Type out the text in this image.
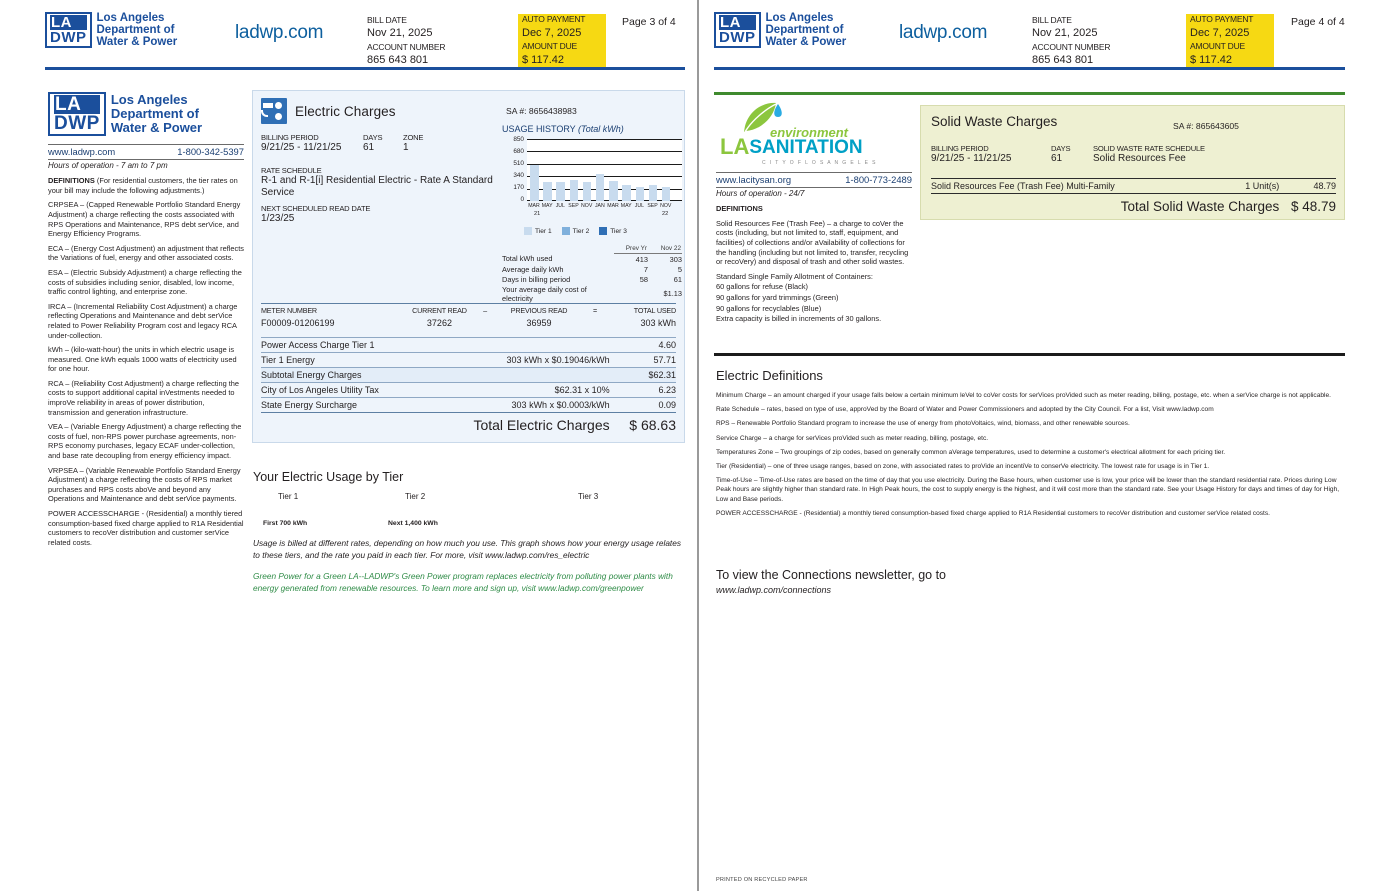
LA
DWP
Los Angeles
Department of
Water & Power	ladwp.com
BILL DATE
Nov 21, 2025
ACCOUNT NUMBER
865 643 801
AUTO PAYMENT
Dec 7, 2025
AMOUNT DUE
$ 117.42
Page 3 of 4
LA
DWP
Los Angeles
Department of
Water & Power
www.ladwp.com	1-800-342-5397
Hours of operation - 7 am to 7 pm

DEFINITIONS (For residential customers, the tier rates on your bill may include the following adjustments.)

CRPSEA – (Capped Renewable Portfolio Standard Energy Adjustment) a charge reflecting the costs associated with RPS Operations and Maintenance, RPS debt serVice, and Energy Efficiency Programs.

ECA – (Energy Cost Adjustment) an adjustment that reflects the Variations of fuel, energy and other associated costs.

ESA – (Electric Subsidy Adjustment) a charge reflecting the costs of subsidies including senior, disabled, low income, traffic control lighting, and enterprise zone.

IRCA – (Incremental Reliability Cost Adjustment) a charge reflecting Operations and Maintenance and debt serVice related to Power Reliability Program cost and legacy RCA under-collection.

kWh – (kilo-watt-hour) the units in which electric usage is measured. One kWh equals 1000 watts of electricity used for one hour.

RCA – (Reliability Cost Adjustment) a charge reflecting the costs to support additional capital inVestments needed to improVe reliability in areas of power distribution, transmission and generation infrastructure.

VEA – (Variable Energy Adjustment) a charge reflecting the costs of fuel, non-RPS power purchase agreements, non-RPS economy purchases, legacy ECAF under-collection, and base rate decoupling from energy efficiency impact.

VRPSEA – (Variable Renewable Portfolio Standard Energy Adjustment) a charge reflecting the costs of RPS market purchases and RPS costs aboVe and beyond any Operations and Maintenance and debt serVice payments.

POWER ACCESSCHARGE - (Residential) a monthly tiered consumption-based fixed charge applied to R1A Residential customers to recoVer distribution and customer serVice related costs.

Electric Charges	SA #: 8656438983
BILLING PERIOD
9/21/25 - 11/21/25
DAYS
61
ZONE
1
RATE SCHEDULE
R-1 and R-1[i] Residential Electric - Rate A Standard Service
NEXT SCHEDULED READ DATE
1/23/25
USAGE HISTORY (Total kWh)
850
680
510
340
170
0
MAR MAY JUL SEP NOV JAN MAR MAY JUL SEP NOV
21	22
Tier 1	Tier 2	Tier 3
	Prev Yr	Nov 22
Total kWh used	413	303
Average daily kWh	7	5
Days in billing period	58	61
Your average daily cost of electricity		$1.13
METER NUMBER	CURRENT READ	–	PREVIOUS READ	=	TOTAL USED
F00009-01206199	37262		36959		303 kWh
Power Access Charge Tier 1		4.60
Tier 1 Energy	303 kWh x $0.19046/kWh	57.71
Subtotal Energy Charges		$62.31
City of Los Angeles Utility Tax	$62.31 x 10%	6.23
State Energy Surcharge	303 kWh x $0.0003/kWh	0.09
Total Electric Charges		$ 68.63
Your Electric Usage by Tier
Tier 1	Tier 2	Tier 3
First 700 kWh	Next 1,400 kWh
Usage is billed at different rates, depending on how much you use. This graph shows how your energy usage relates to these tiers, and the rate you paid in each tier. For more, visit www.ladwp.com/res_electric
Green Power for a Green LA--LADWP's Green Power program replaces electricity from polluting power plants with energy generated from renewable resources. To learn more and sign up, visit www.ladwp.com/greenpower
LA
DWP
Los Angeles
Department of
Water & Power	ladwp.com
BILL DATE
Nov 21, 2025
ACCOUNT NUMBER
865 643 801
AUTO PAYMENT
Dec 7, 2025
AMOUNT DUE
$ 117.42
Page 4 of 4
environment
LA SANITATION
C I T Y O F L O S A N G E L E S
www.lacitysan.org	1-800-773-2489
Hours of operation - 24/7

DEFINITIONS

Solid Resources Fee (Trash Fee) – a charge to coVer the costs (including, but not limited to, staff, equipment, and facilities) of collections and/or aVailability of collections for the handling (including but not limited to, transfer, recycling or recoVery) and disposal of trash and other solid wastes.

Standard Single Family Allotment of Containers:

60 gallons for refuse (Black)

90 gallons for yard trimmings (Green)

90 gallons for recyclables (Blue)

Extra capacity is billed in increments of 30 gallons.

Solid Waste Charges	SA #: 865643605
BILLING PERIOD
9/21/25 - 11/21/25
DAYS
61
SOLID WASTE RATE SCHEDULE
Solid Resources Fee
Solid Resources Fee (Trash Fee) Multi-Family	1 Unit(s)	48.79
Total Solid Waste Charges		$ 48.79
Electric Definitions

Minimum Charge – an amount charged if your usage falls below a certain minimum leVel to coVer costs for serVices proVided such as meter reading, billing, postage, etc. when a serVice charge is not applicable.

Rate Schedule – rates, based on type of use, approVed by the Board of Water and Power Commissioners and adopted by the City Council. For a list, Visit www.ladwp.com

RPS – Renewable Portfolio Standard program to increase the use of energy from photoVoltaics, wind, biomass, and other renewable sources.

Service Charge – a charge for serVices proVided such as meter reading, billing, postage, etc.

Temperatures Zone – Two groupings of zip codes, based on generally common aVerage temperatures, used to determine a customer's electrical allotment for each pricing tier.

Tier (Residential) – one of three usage ranges, based on zone, with associated rates to proVide an incentiVe to conserVe electricity. The lowest rate for usage is in Tier 1.

Time-of-Use – Time-of-Use rates are based on the time of day that you use electricity. During the Base hours, when customer use is low, your price will be lower than the standard residential rate. Prices during Low Peak hours are slightly higher than standard rate. In High Peak hours, the cost to supply energy is the highest, and it will cost more than the standard rate. See your Usage History for days and times of day for High, Low and Base periods.

POWER ACCESSCHARGE - (Residential) a monthly tiered consumption-based fixed charge applied to R1A Residential customers to recoVer distribution and customer serVice related costs.

To view the Connections newsletter, go to
www.ladwp.com/connections
PRINTED ON RECYCLED PAPER
